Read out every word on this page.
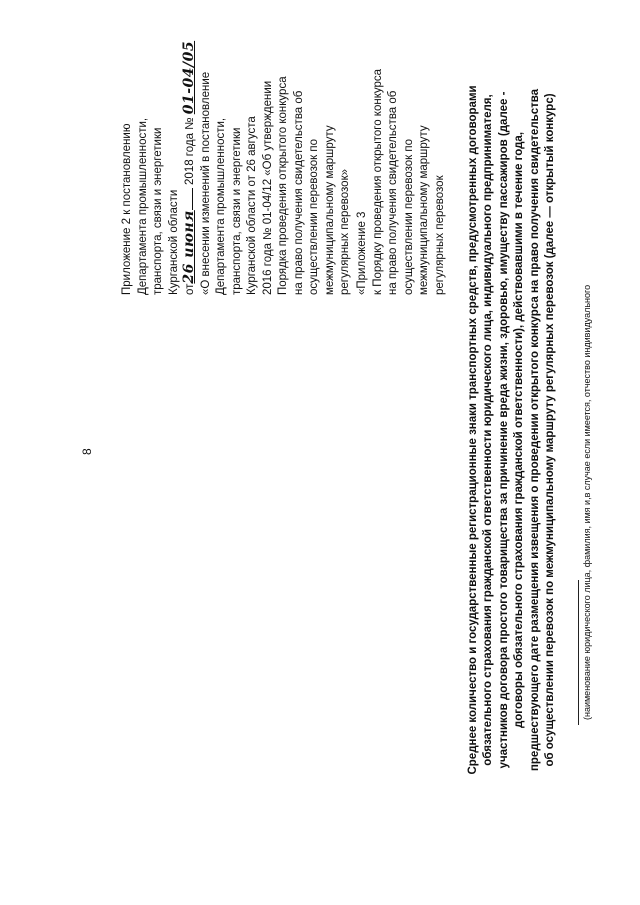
8
Приложение 2 к постановлению Департамента промышленности, транспорта, связи и энергетики Курганской области от26 июня 2018 года № 01-04/05 «О внесении изменений в постановление Департамента промышленности, транспорта, связи и энергетики Курганской области от 26 августа 2016 года № 01-04/12 «Об утверждении Порядка проведения открытого конкурса на право получения свидетельства об осуществлении перевозок по межмуниципальному маршруту регулярных перевозок» «Приложение 3 к Порядку проведения открытого конкурса на право получения свидетельства об осуществлении перевозок по межмуниципальному маршруту регулярных перевозок Среднее количество и государственные регистрационные знаки транспортных средств, предусмотренных договорами обязательного страхования гражданской ответственности юридического лица, индивидуального предпринимателя, участников договора простого товарищества за причинение вреда жизни, здоровью, имуществу пассажиров (далее - договоры обязательного страхования гражданской ответственности), действовавшими в течение года, предшествующего дате размещения извещения о проведении открытого конкурса на право получения свидетельства об осуществлении перевозок по межмуниципальному маршруту регулярных перевозок (далее — открытый конкурс)	(наименование юридического лица, фамилия, имя и,в случае если имеется, отчество индивидуального
